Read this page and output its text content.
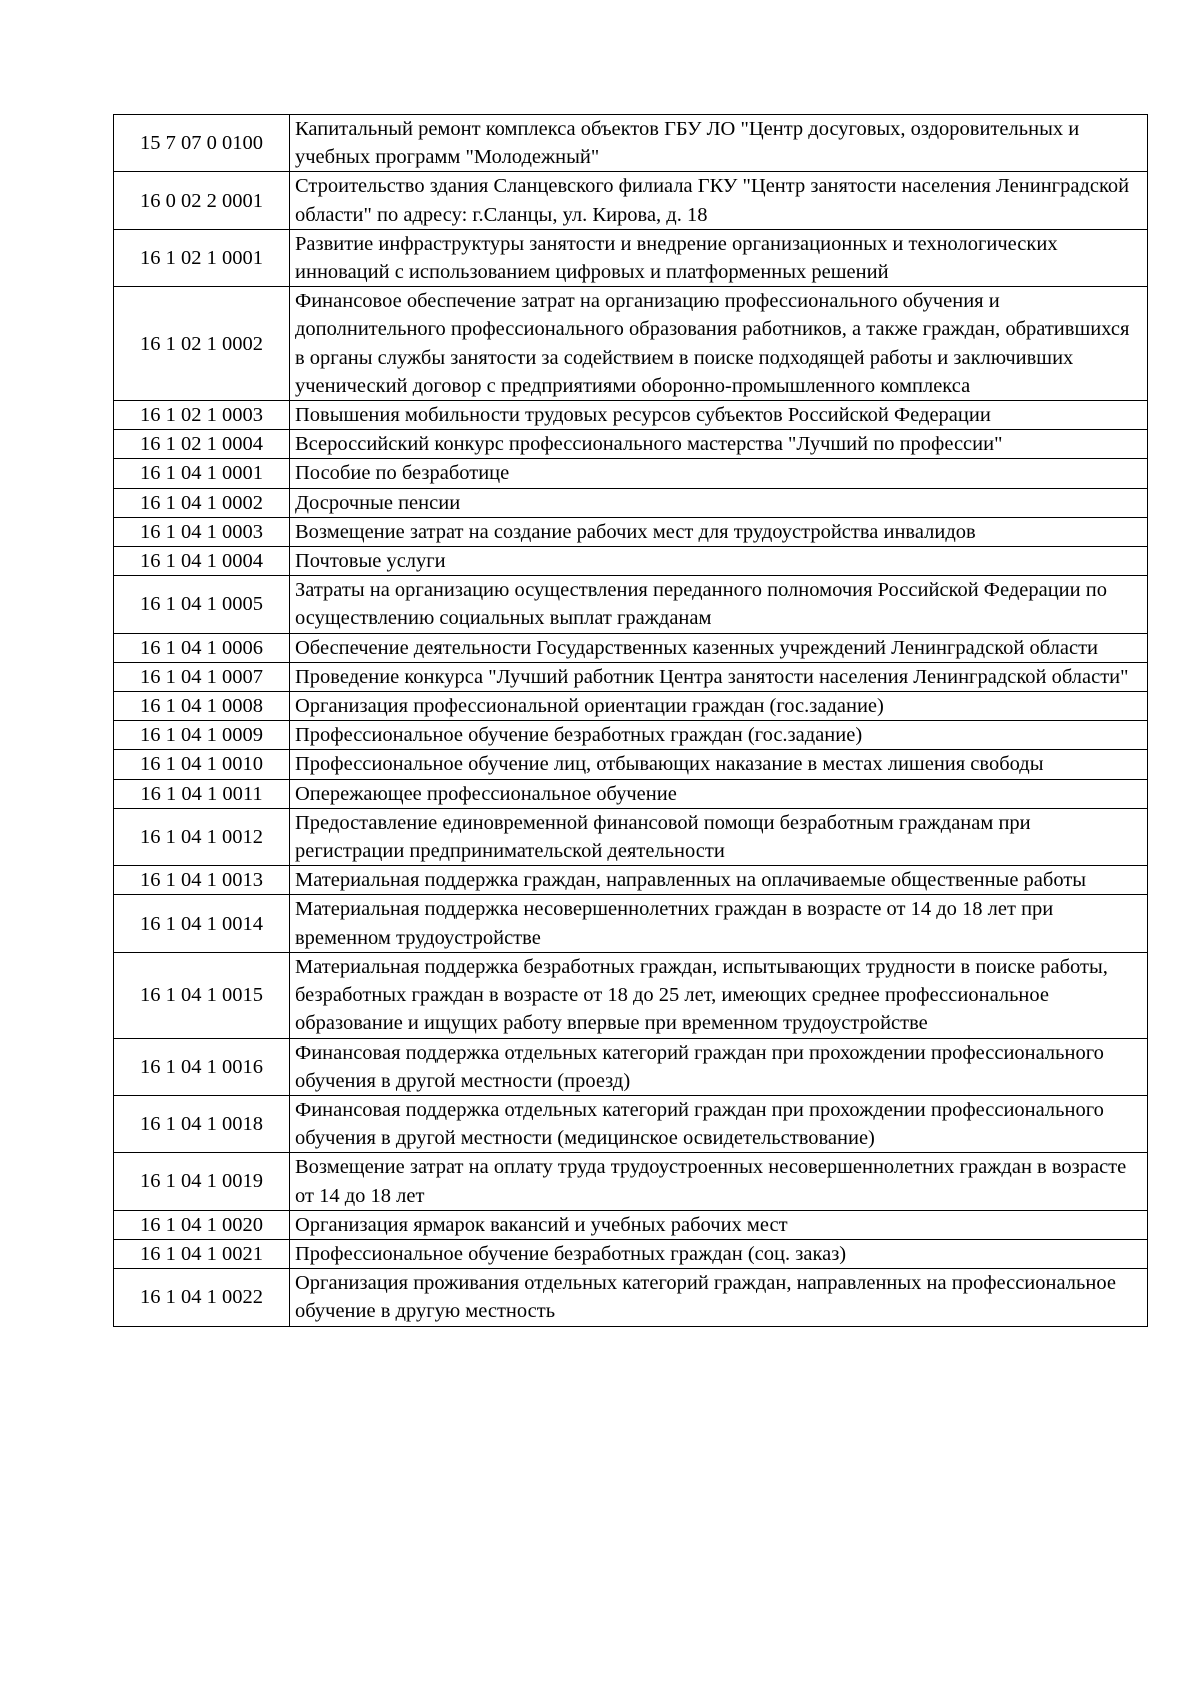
15 7 07 0 0100	Капитальный ремонт комплекса объектов ГБУ ЛО "Центр досуговых, оздоровительных и учебных программ "Молодежный"
16 0 02 2 0001	Строительство здания Сланцевского филиала ГКУ "Центр занятости населения Ленинградской области" по адресу: г.Сланцы, ул. Кирова, д. 18
16 1 02 1 0001	Развитие инфраструктуры занятости и внедрение организационных и технологических инноваций с использованием цифровых и платформенных решений
16 1 02 1 0002	Финансовое обеспечение затрат на организацию профессионального обучения и дополнительного профессионального образования работников, а также граждан, обратившихся в органы службы занятости за содействием в поиске подходящей работы и заключивших ученический договор с предприятиями оборонно-промышленного комплекса
16 1 02 1 0003	Повышения мобильности трудовых ресурсов субъектов Российской Федерации
16 1 02 1 0004	Всероссийский конкурс профессионального мастерства "Лучший по профессии"
16 1 04 1 0001	Пособие по безработице
16 1 04 1 0002	Досрочные пенсии
16 1 04 1 0003	Возмещение затрат на создание рабочих мест для трудоустройства инвалидов
16 1 04 1 0004	Почтовые услуги
16 1 04 1 0005	Затраты на организацию осуществления переданного полномочия Российской Федерации по осуществлению социальных выплат гражданам
16 1 04 1 0006	Обеспечение деятельности Государственных казенных учреждений Ленинградской области
16 1 04 1 0007	Проведение конкурса "Лучший работник Центра занятости населения Ленинградской области"
16 1 04 1 0008	Организация профессиональной ориентации граждан (гос.задание)
16 1 04 1 0009	Профессиональное обучение безработных граждан (гос.задание)
16 1 04 1 0010	Профессиональное обучение лиц, отбывающих наказание в местах лишения свободы
16 1 04 1 0011	Опережающее профессиональное обучение
16 1 04 1 0012	Предоставление единовременной финансовой помощи безработным гражданам при регистрации предпринимательской деятельности
16 1 04 1 0013	Материальная поддержка граждан, направленных на оплачиваемые общественные работы
16 1 04 1 0014	Материальная поддержка несовершеннолетних граждан в возрасте от 14 до 18 лет при временном трудоустройстве
16 1 04 1 0015	Материальная поддержка безработных граждан, испытывающих трудности в поиске работы, безработных граждан в возрасте от 18 до 25 лет, имеющих среднее профессиональное образование и ищущих работу впервые при временном трудоустройстве
16 1 04 1 0016	Финансовая поддержка отдельных категорий граждан при прохождении профессионального обучения в другой местности (проезд)
16 1 04 1 0018	Финансовая поддержка отдельных категорий граждан при прохождении профессионального обучения в другой местности (медицинское освидетельствование)
16 1 04 1 0019	Возмещение затрат на оплату труда трудоустроенных несовершеннолетних граждан в возрасте от 14 до 18 лет
16 1 04 1 0020	Организация ярмарок вакансий и учебных рабочих мест
16 1 04 1 0021	Профессиональное обучение безработных граждан (соц. заказ)
16 1 04 1 0022	Организация проживания отдельных категорий граждан, направленных на профессиональное обучение в другую местность
